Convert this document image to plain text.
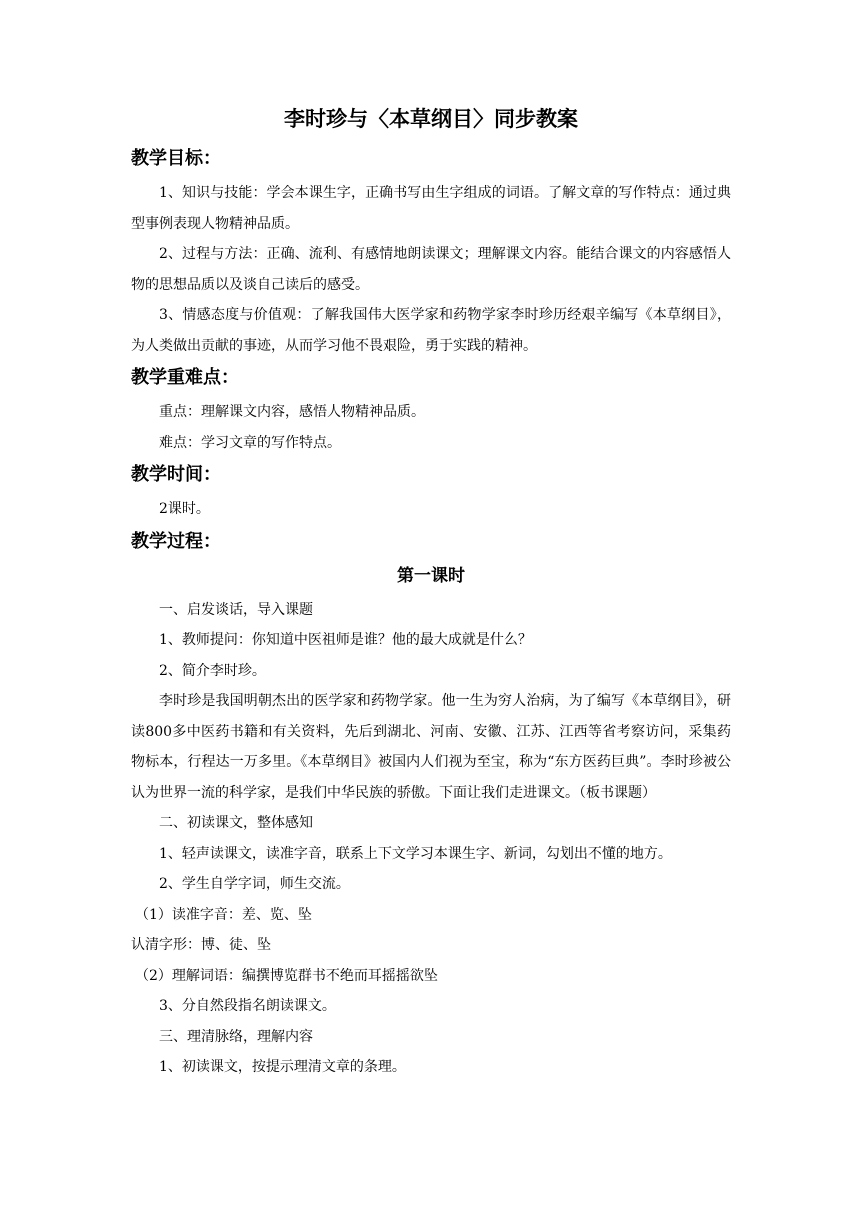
李时珍与〈本草纲目〉同步教案
教学目标：

1、知识与技能：学会本课生字，正确书写由生字组成的词语。了解文章的写作特点：通过典型事例表现人物精神品质。

2、过程与方法：正确、流利、有感情地朗读课文；理解课文内容。能结合课文的内容感悟人物的思想品质以及谈自己读后的感受。

3、情感态度与价值观：了解我国伟大医学家和药物学家李时珍历经艰辛编写《本草纲目》，为人类做出贡献的事迹，从而学习他不畏艰险，勇于实践的精神。

教学重难点：

重点：理解课文内容，感悟人物精神品质。

难点：学习文章的写作特点。

教学时间：

2课时。

教学过程：
第一课时

一、启发谈话，导入课题

1、教师提问：你知道中医祖师是谁？他的最大成就是什么？

2、简介李时珍。

李时珍是我国明朝杰出的医学家和药物学家。他一生为穷人治病，为了编写《本草纲目》，研读800多中医药书籍和有关资料，先后到湖北、河南、安徽、江苏、江西等省考察访问，采集药物标本，行程达一万多里。《本草纲目》被国内人们视为至宝，称为“东方医药巨典”。李时珍被公认为世界一流的科学家，是我们中华民族的骄傲。下面让我们走进课文。（板书课题）

二、初读课文，整体感知

1、轻声读课文，读准字音，联系上下文学习本课生字、新词，勾划出不懂的地方。

2、学生自学字词，师生交流。

（1）读准字音：差、览、坠

认清字形：博、徒、坠

（2）理解词语：编撰博览群书不绝而耳摇摇欲坠

3、分自然段指名朗读课文。

三、理清脉络，理解内容

1、初读课文，按提示理清文章的条理。
